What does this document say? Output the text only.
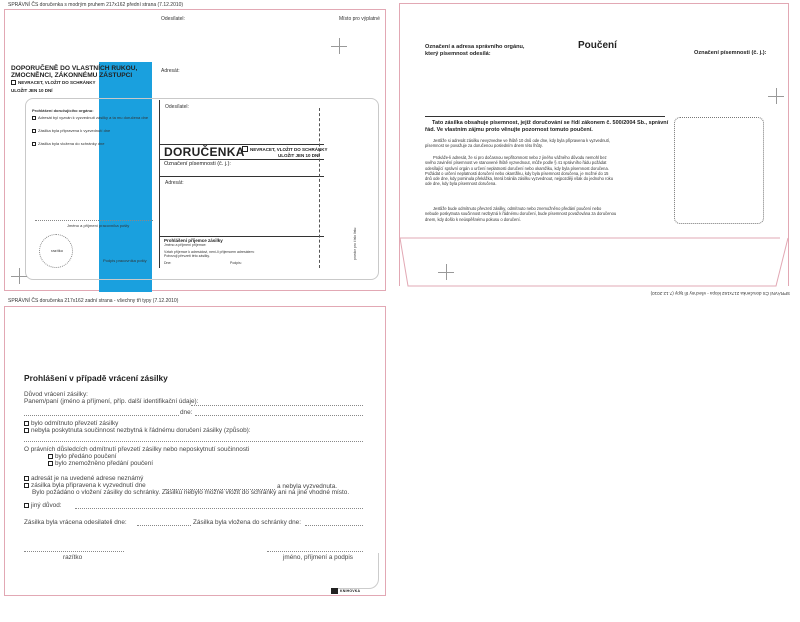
SPRÁVNÍ ČS doručenka s modrým pruhem 217x162 přední strana (7.12.2010)
Odesílatel:	Místo pro výplatné
DOPORUČENĚ DO VLASTNÍCH RUKOU,
ZMOCNĚNCI, ZÁKONNÉMU ZÁSTUPCI
NEVRACET, VLOŽIT DO SCHRÁNKY
ULOŽIT JEN 10 DNÍ
Adresát:
Prohlášení doručujícího orgánu:
Adresát byl vyzván k vyzvednutí zásilky a ta mu doručena dne
Zásilka byla připravena k vyzvednutí dne
Zásilka byla vložena do schránky dne
Jméno a příjmení pracovníka pošty
razítko
Podpis pracovníka pošty
Odesílatel:
DORUČENKA	NEVRACET, VLOŽIT DO SCHRÁNKY
ULOŽIT JEN 10 DNÍ
Označení písemnosti (č. j.):
Adresát:
Prohlášení příjemce zásilky
Jméno a příjmení příjemce:
Vztah příjemce k adresátovi, není-li příjemcem adresátem:
Potvrzuji převzetí této zásilky.
Dne:	Podpis:
prostor pro číslo listu
Označení a adresa správního orgánu,
který písemnost odesílá:
Poučení
Označení písemnosti (č. j.):
Tato zásilka obsahuje písemnost, jejíž doručování se řídí zákonem č. 500/2004 Sb., správní
řád. Ve vlastním zájmu proto věnujte pozornost tomuto poučení.
Jestliže si adresát zásilku nevyzvedne ve lhůtě 10 dnů ode dne, kdy byla připravena k vyzvednutí,
písemnost se považuje za doručenou posledním dnem této lhůty.
Prokáže-li adresát, že si pro dočasnou nepřítomnost nebo z jiného vážného důvodu nemohl bez
svého zavinění písemnost ve stanovené lhůtě vyzvednout, může podle § 41 správního řádu požádat
odesílající správní orgán o určení neplatnosti doručení nebo okamžiku, kdy byla písemnost doručena.
Požádat o určení neplatnosti doručení nebo okamžiku, kdy byla písemnost doručena, je možné do 15
dnů ode dne, kdy pominula překážka, která bránila zásilku vyzvednout, nejpozději však do jednoho roku
ode dne, kdy byla písemnost doručena.
Jestliže bude odmítnuto převzetí zásilky, odmítnuto nebo znemožněno předání poučení nebo
nebude poskytnuta součinnost nezbytná k řádnému doručení, bude písemnost považována za doručenou
dnem, kdy došlo k neúspěšnému pokusu o doručení.
SPRÁVNÍ ČS doručenka 217x162 klopa - všechny tři typy (7.12.2010)
SPRÁVNÍ ČS doručenka 217x162 zadní strana - všechny tři typy (7.12.2010)
Prohlášení v případě vrácení zásilky
Důvod vrácení zásilky:
Panem/paní (jméno a příjmení, příp. další identifikační údaje):
dne:
bylo odmítnuto převzetí zásilky
nebyla poskytnuta součinnost nezbytná k řádnému doručení zásilky (způsob):
O právních důsledcích odmítnutí převzetí zásilky nebo neposkytnutí součinnosti
bylo předáno poučení
bylo znemožněno předání poučení
adresát je na uvedené adrese neznámý
zásilka byla připravena k vyzvednutí dne	a nebyla vyzvednuta.
Bylo požádáno o vložení zásilky do schránky. Zásilku nebylo možné vložit do schránky ani na jiné vhodné místo.
jiný důvod:
Zásilka byla vrácena odesilateli dne:	Zásilka byla vložena do schránky dne:
razítko	jméno, příjmení a podpis
KNIHOVKA
